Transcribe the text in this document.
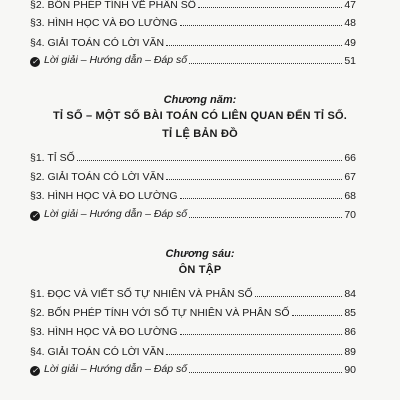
§2. BỐN PHÉP TÍNH VỀ PHÂN SỐ	47
§3. HÌNH HỌC VÀ ĐO LƯỜNG	48
§4. GIẢI TOÁN CÓ LỜI VĂN	49
✓ Lời giải – Hướng dẫn – Đáp số	51
Chương năm:
TỈ SỐ – MỘT SỐ BÀI TOÁN CÓ LIÊN QUAN ĐẾN TỈ SỐ.
TỈ LỆ BẢN ĐỒ
§1. TỈ SỐ	66
§2. GIẢI TOÁN CÓ LỜI VĂN	67
§3. HÌNH HỌC VÀ ĐO LƯỜNG	68
✓ Lời giải – Hướng dẫn – Đáp số	70
Chương sáu:
ÔN TẬP
§1. ĐỌC VÀ VIẾT SỐ TỰ NHIÊN VÀ PHÂN SỐ	84
§2. BỐN PHÉP TÍNH VỚI SỐ TỰ NHIÊN VÀ PHÂN SỐ	85
§3. HÌNH HỌC VÀ ĐO LƯỜNG	86
§4. GIẢI TOÁN CÓ LỜI VĂN	89
✓ Lời giải – Hướng dẫn – Đáp số	90
